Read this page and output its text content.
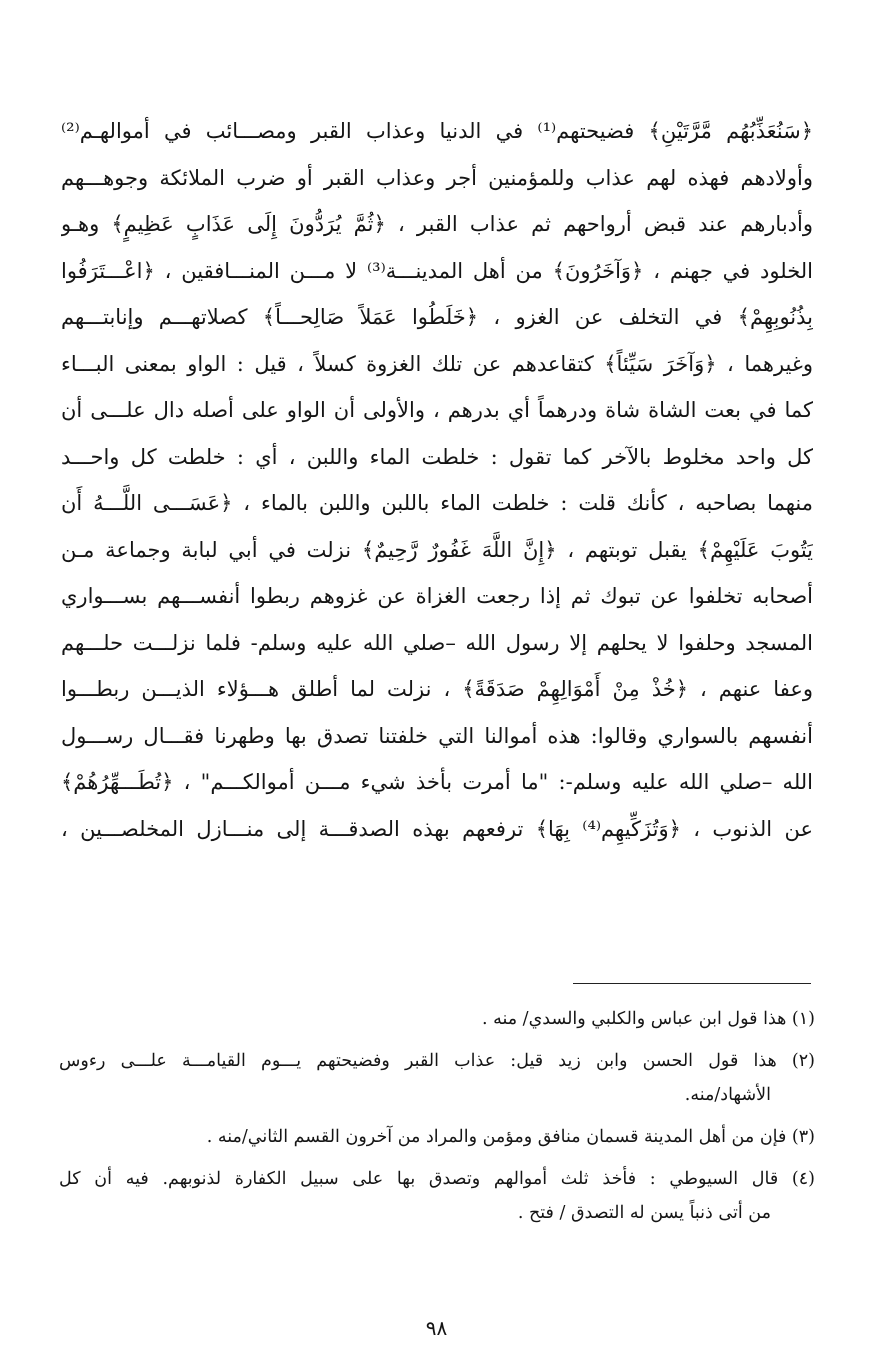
﴿سَنُعَذِّبُهُم مَّرَّتَيْنِ﴾ فضيحتهم⁽¹⁾ في الدنيا وعذاب القبر ومصـــائب في أموالهـم⁽²⁾
وأولادهم فهذه لهم عذاب وللمؤمنين أجر وعذاب القبر أو ضرب الملائكة وجوهـــهم
وأدبارهم عند قبض أرواحهم ثم عذاب القبر ، ﴿ثُمَّ يُرَدُّونَ إِلَى عَذَابٍ عَظِيمٍ﴾ وهـو
الخلود في جهنم ، ﴿وَآخَرُونَ﴾ من أهل المدينـــة⁽³⁾ لا مـــن المنـــافقين ، ﴿اعْـــتَرَفُوا
بِذُنُوبِهِمْ﴾ في التخلف عن الغزو ، ﴿خَلَطُوا عَمَلاً صَالِحـــاً﴾ كصلاتهـــم وإنابتـــهم
وغيرهما ، ﴿وَآخَرَ سَيِّئاً﴾ كتقاعدهم عن تلك الغزوة كسلاً ، قيل : الواو بمعنى البـــاء
كما في بعت الشاة شاة ودرهماً أي بدرهم ، والأولى أن الواو على أصله دال علـــى أن
كل واحد مخلوط بالآخر كما تقول : خلطت الماء واللبن ، أي : خلطت كل واحـــد
منهما بصاحبه ، كأنك قلت : خلطت الماء باللبن واللبن بالماء ، ﴿عَسَـــى اللَّـــهُ أَن
يَتُوبَ عَلَيْهِمْ﴾ يقبل توبتهم ، ﴿إِنَّ اللَّهَ غَفُورٌ رَّحِيمٌ﴾ نزلت في أبي لبابة وجماعة مـن
أصحابه تخلفوا عن تبوك ثم إذا رجعت الغزاة عن غزوهم ربطوا أنفســـهم بســـواري
المسجد وحلفوا لا يحلهم إلا رسول الله –صلي الله عليه وسلم- فلما نزلـــت حلـــهم
وعفا عنهم ، ﴿خُذْ مِنْ أَمْوَالِهِمْ صَدَقَةً﴾ ، نزلت لما أطلق هـــؤلاء الذيـــن ربطـــوا
أنفسهم بالسواري وقالوا: هذه أموالنا التي خلفتنا تصدق بها وطهرنا فقـــال رســـول
الله –صلي الله عليه وسلم-: "ما أمرت بأخذ شيء مـــن أموالكـــم" ، ﴿تُطَـــهِّرُهُمْ﴾
عن الذنوب ، ﴿وَتُزَكِّيهِم⁽⁴⁾ بِهَا﴾ ترفعهم بهذه الصدقـــة إلى منـــازل المخلصـــين ،
(١) هذا قول ابن عباس والكلبي والسدي/ منه .
(٢) هذا قول الحسن وابن زيد قيل: عذاب القبر وفضيحتهم يـــوم القيامـــة علـــى رءوس
الأشهاد/منه.
(٣) فإن من أهل المدينة قسمان منافق ومؤمن والمراد من آخرون القسم الثاني/منه .
(٤) قال السيوطي : فأخذ ثلث أموالهم وتصدق بها على سبيل الكفارة لذنوبهم. فيه أن كل
من أتى ذنباً يسن له التصدق / فتح .
٩٨
